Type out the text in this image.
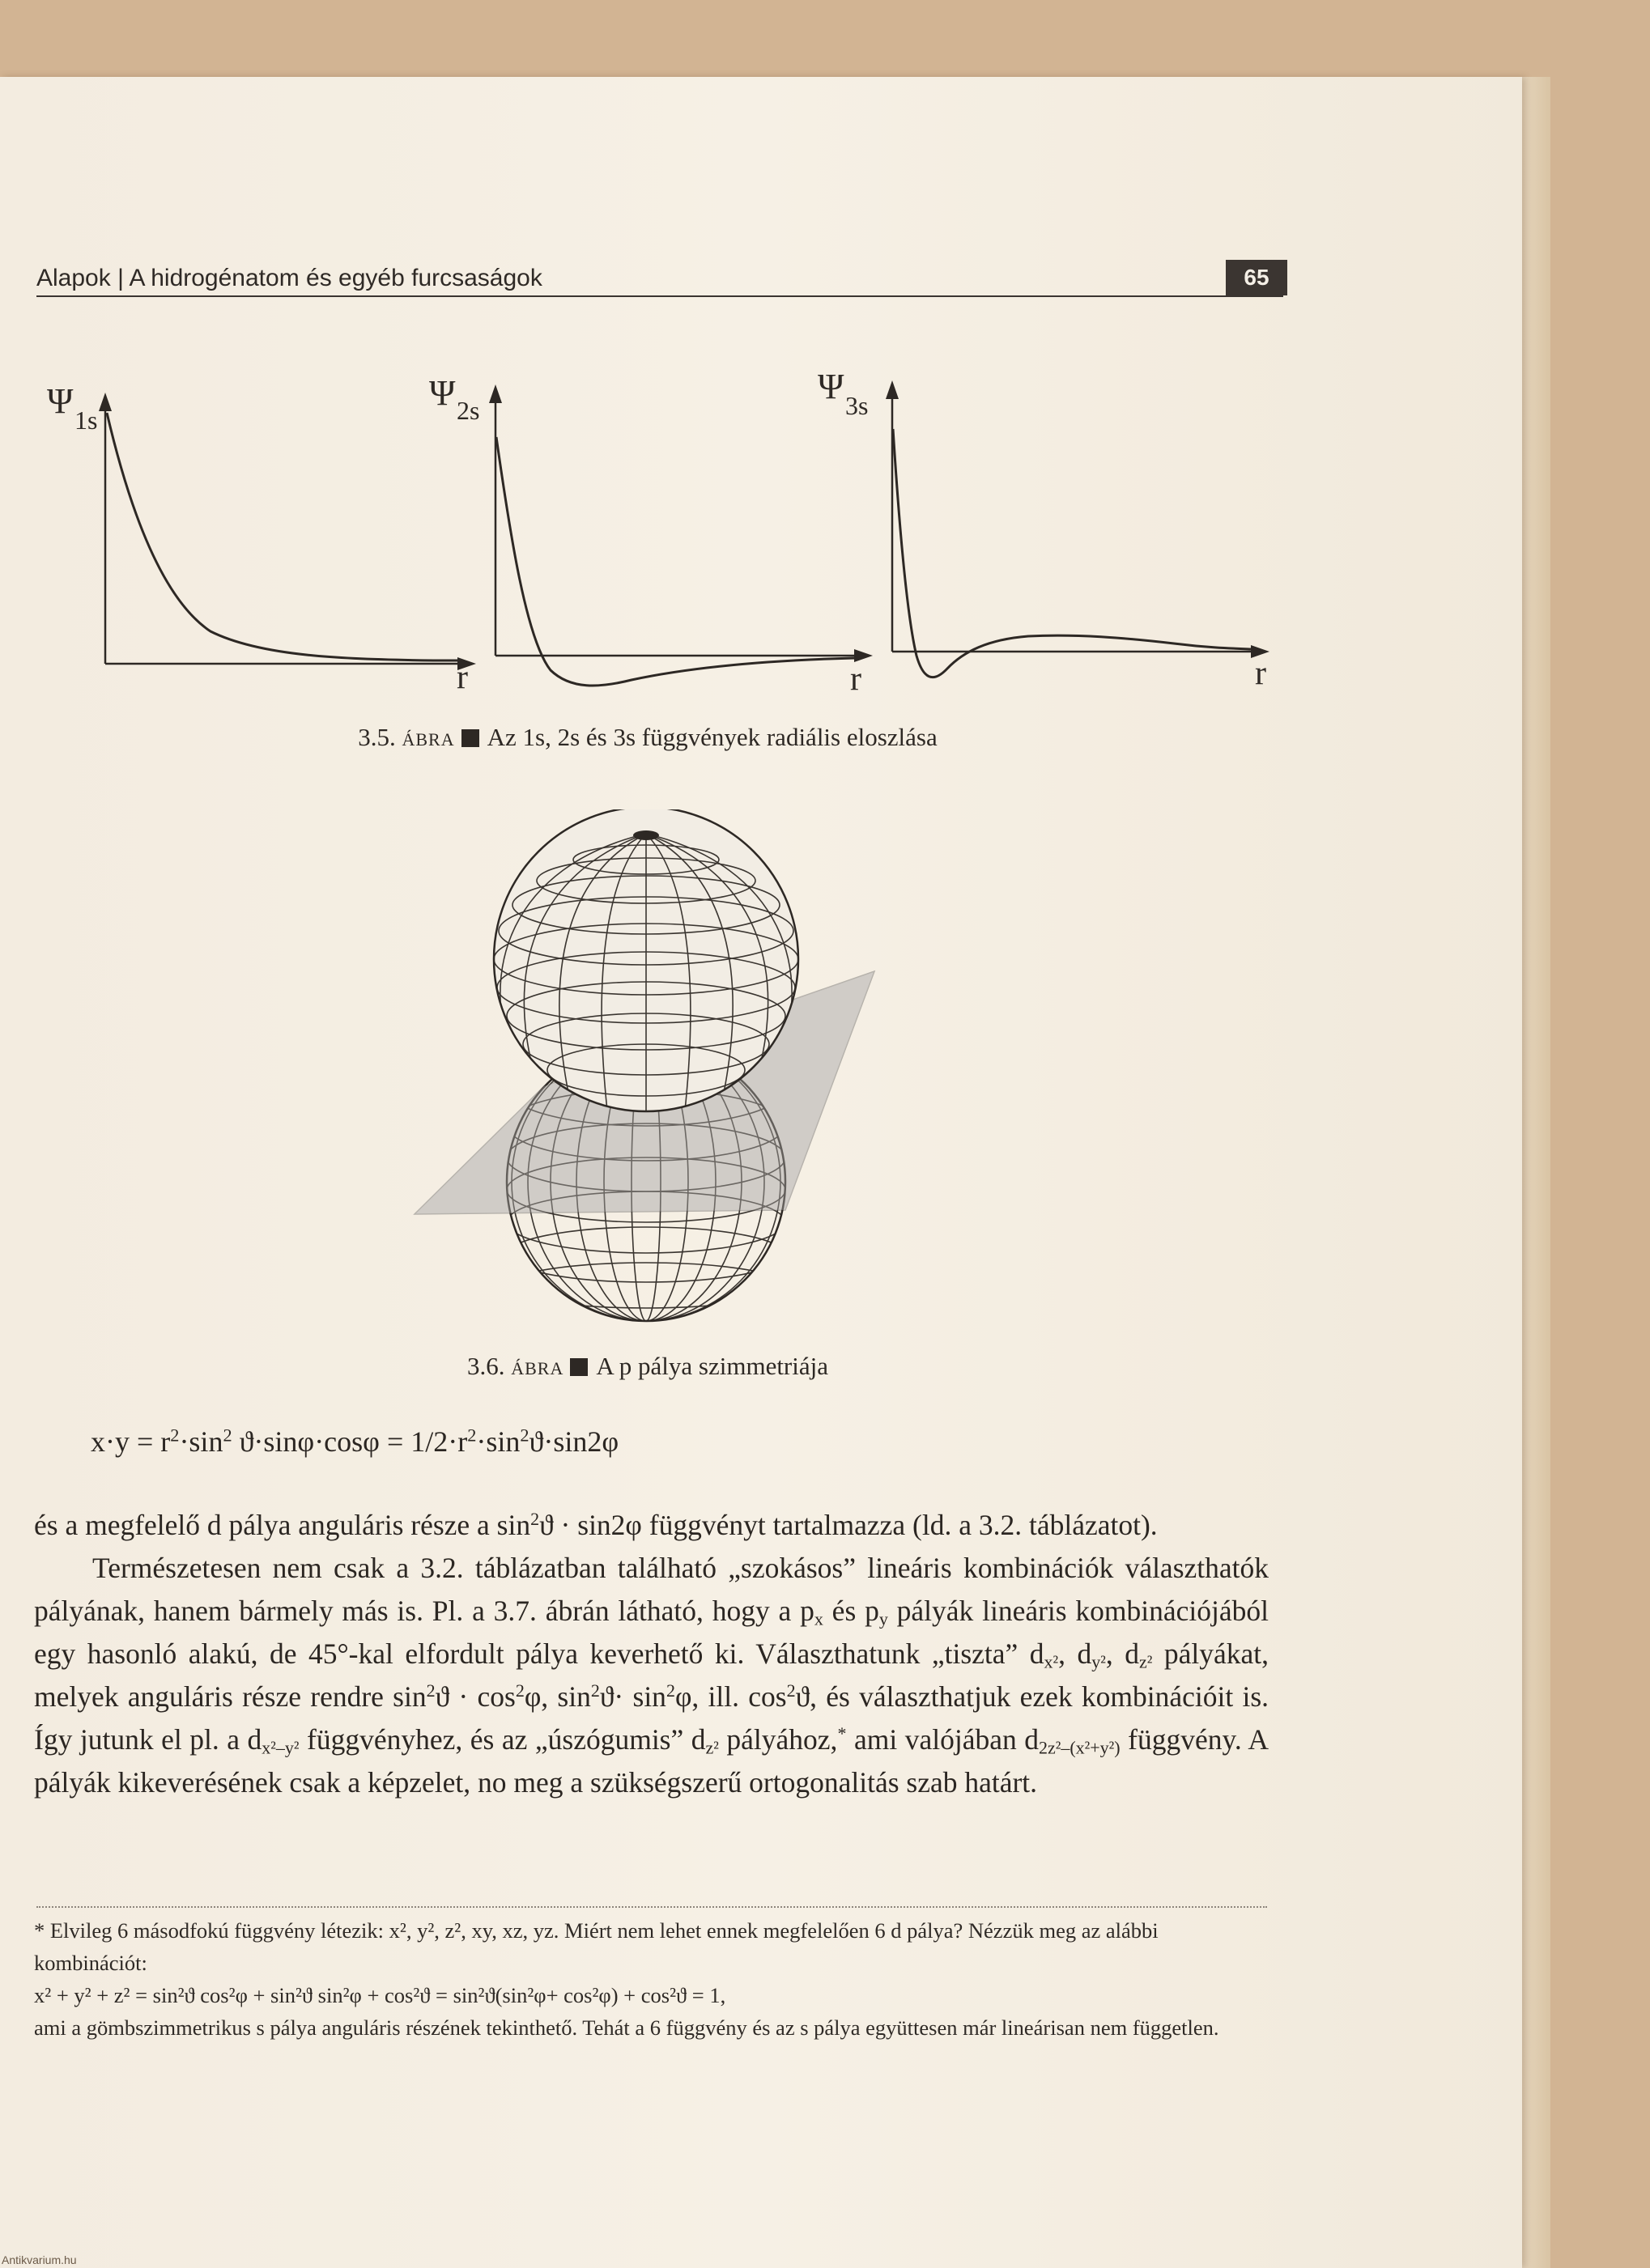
Alapok | A hidrogénatom és egyéb furcsaságok	65
Ψ 1s
Ψ 2s
r
Ψ 3s
r
r
3.5. ÁBRA Az 1s, 2s és 3s függvények radiális eloszlása
3.6. ÁBRA A p pálya szimmetriája
$x\cdot y = r^2\cdot\sin^2$ $ϑ\cdot\sin\varphi\cdot\cos\varphi = 1/2\cdot r^2\cdot\sin^2ϑ\cdot\sin 2\varphi$

és a megfelelő d pálya anguláris része a $\sin^2ϑ \cdot \sin 2\varphi$ függvényt tartalmazza (ld. a 3.2. táblázatot).

Természetesen nem csak a 3.2. táblázatban található „szokásos” lineáris kombinációk választhatók pályának, hanem bármely más is. Pl. a 3.7. ábrán látható, hogy a $p_x$ és $p_y$ pályák lineáris kombinációjából egy hasonló alakú, de 45°-kal elfordult pálya keverhető ki. Választhatunk „tiszta” $d_{x^2}$, $d_{y^2}$, $d_{z^2}$ pályákat, melyek anguláris része rendre $\sin^2ϑ \cdot \cos^2\varphi$, $\sin^2ϑ\cdot \sin^2\varphi$, ill. $\cos^2ϑ$, és választhatjuk ezek kombinációit is. Így jutunk el pl. a $d_{x^2-y^2}$ függvényhez, és az „úszógumis” $d_{z^2}$ pályához,* ami valójában $d_{2z^2-(x^2+y^2)}$ függvény. A pályák kikeverésének csak a képzelet, no meg a szükségszerű ortogonalitás szab határt.

* Elvileg 6 másodfokú függvény létezik: x², y², z², xy, xz, yz. Miért nem lehet ennek megfelelően 6 d pálya? Nézzük meg az alábbi kombinációt:

x² + y² + z² = sin²ϑ cos²φ + sin²ϑ sin²φ + cos²ϑ = sin²ϑ(sin²φ+ cos²φ) + cos²ϑ = 1,

ami a gömbszimmetrikus s pálya anguláris részének tekinthető. Tehát a 6 függvény és az s pálya együttesen már lineárisan nem független.

Antikvarium.hu
